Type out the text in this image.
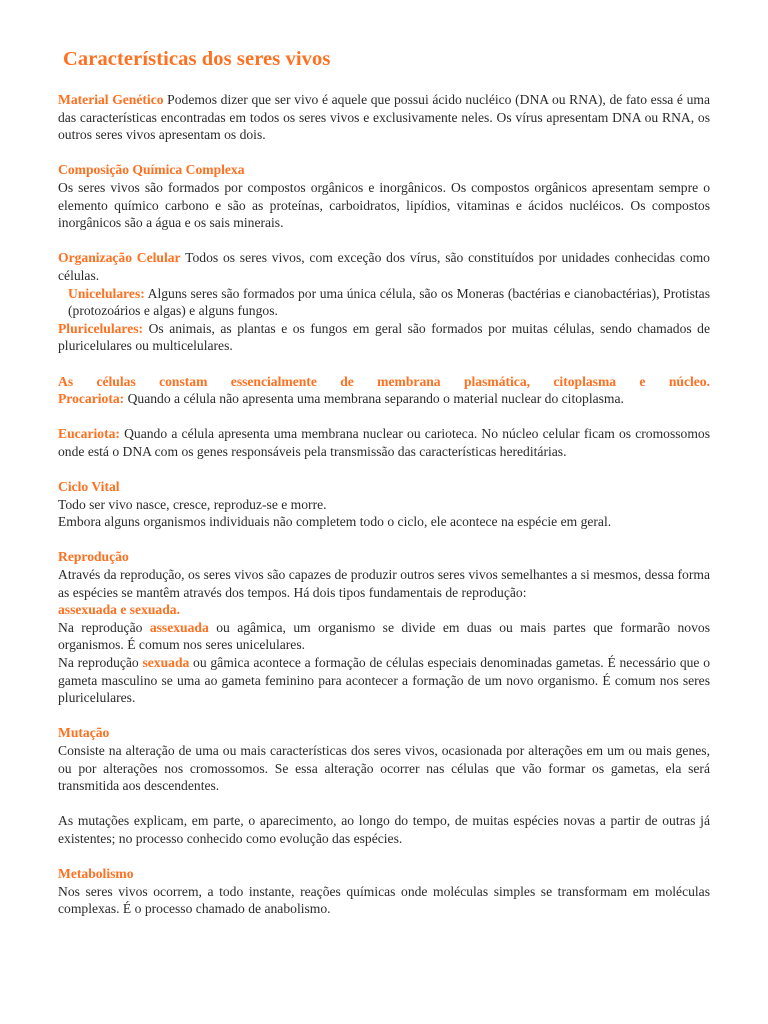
Características dos seres vivos

Material Genético Podemos dizer que ser vivo é aquele que possui ácido nucléico (DNA ou RNA), de fato essa é uma das características encontradas em todos os seres vivos e exclusivamente neles. Os vírus apresentam DNA ou RNA, os outros seres vivos apresentam os dois.

Composição Química Complexa

Os seres vivos são formados por compostos orgânicos e inorgânicos. Os compostos orgânicos apresentam sempre o elemento químico carbono e são as proteínas, carboidratos, lipídios, vitaminas e ácidos nucléicos. Os compostos inorgânicos são a água e os sais minerais.

Organização Celular Todos os seres vivos, com exceção dos vírus, são constituídos por unidades conhecidas como células.

Unicelulares: Alguns seres são formados por uma única célula, são os Moneras (bactérias e cianobactérias), Protistas (protozoários e algas) e alguns fungos.

Pluricelulares: Os animais, as plantas e os fungos em geral são formados por muitas células, sendo chamados de pluricelulares ou multicelulares.

As células constam essencialmente de membrana plasmática, citoplasma e núcleo.

Procariota: Quando a célula não apresenta uma membrana separando o material nuclear do citoplasma.

Eucariota: Quando a célula apresenta uma membrana nuclear ou carioteca. No núcleo celular ficam os cromossomos onde está o DNA com os genes responsáveis pela transmissão das características hereditárias.

Ciclo Vital

Todo ser vivo nasce, cresce, reproduz-se e morre.

Embora alguns organismos individuais não completem todo o ciclo, ele acontece na espécie em geral.

Reprodução

Através da reprodução, os seres vivos são capazes de produzir outros seres vivos semelhantes a si mesmos, dessa forma as espécies se mantêm através dos tempos. Há dois tipos fundamentais de reprodução:

assexuada e sexuada.

Na reprodução assexuada ou agâmica, um organismo se divide em duas ou mais partes que formarão novos organismos. É comum nos seres unicelulares.

Na reprodução sexuada ou gâmica acontece a formação de células especiais denominadas gametas. É necessário que o gameta masculino se uma ao gameta feminino para acontecer a formação de um novo organismo. É comum nos seres pluricelulares.

Mutação

Consiste na alteração de uma ou mais características dos seres vivos, ocasionada por alterações em um ou mais genes, ou por alterações nos cromossomos. Se essa alteração ocorrer nas células que vão formar os gametas, ela será transmitida aos descendentes.

As mutações explicam, em parte, o aparecimento, ao longo do tempo, de muitas espécies novas a partir de outras já existentes; no processo conhecido como evolução das espécies.

Metabolismo

Nos seres vivos ocorrem, a todo instante, reações químicas onde moléculas simples se transformam em moléculas complexas. É o processo chamado de anabolismo.
